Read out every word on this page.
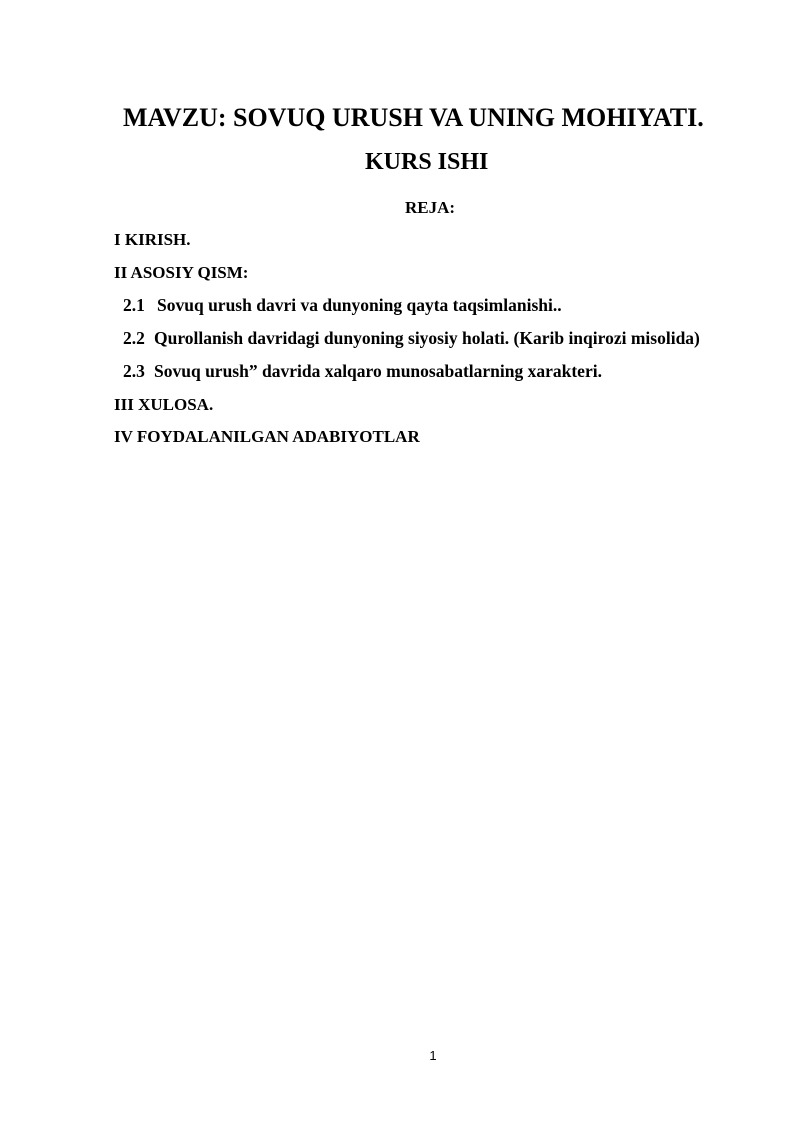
MAVZU: SOVUQ URUSH VA UNING MOHIYATI.
KURS ISHI
REJA:
I KIRISH.
II ASOSIY QISM:
2.1 Sovuq urush davri va dunyoning qayta taqsimlanishi..
2.2 Qurollanish davridagi dunyoning siyosiy holati. (Karib inqirozi misolida)
2.3 Sovuq urush” davrida xalqaro munosabatlarning xarakteri.
III XULOSA.
IV FOYDALANILGAN ADABIYOTLAR
1
